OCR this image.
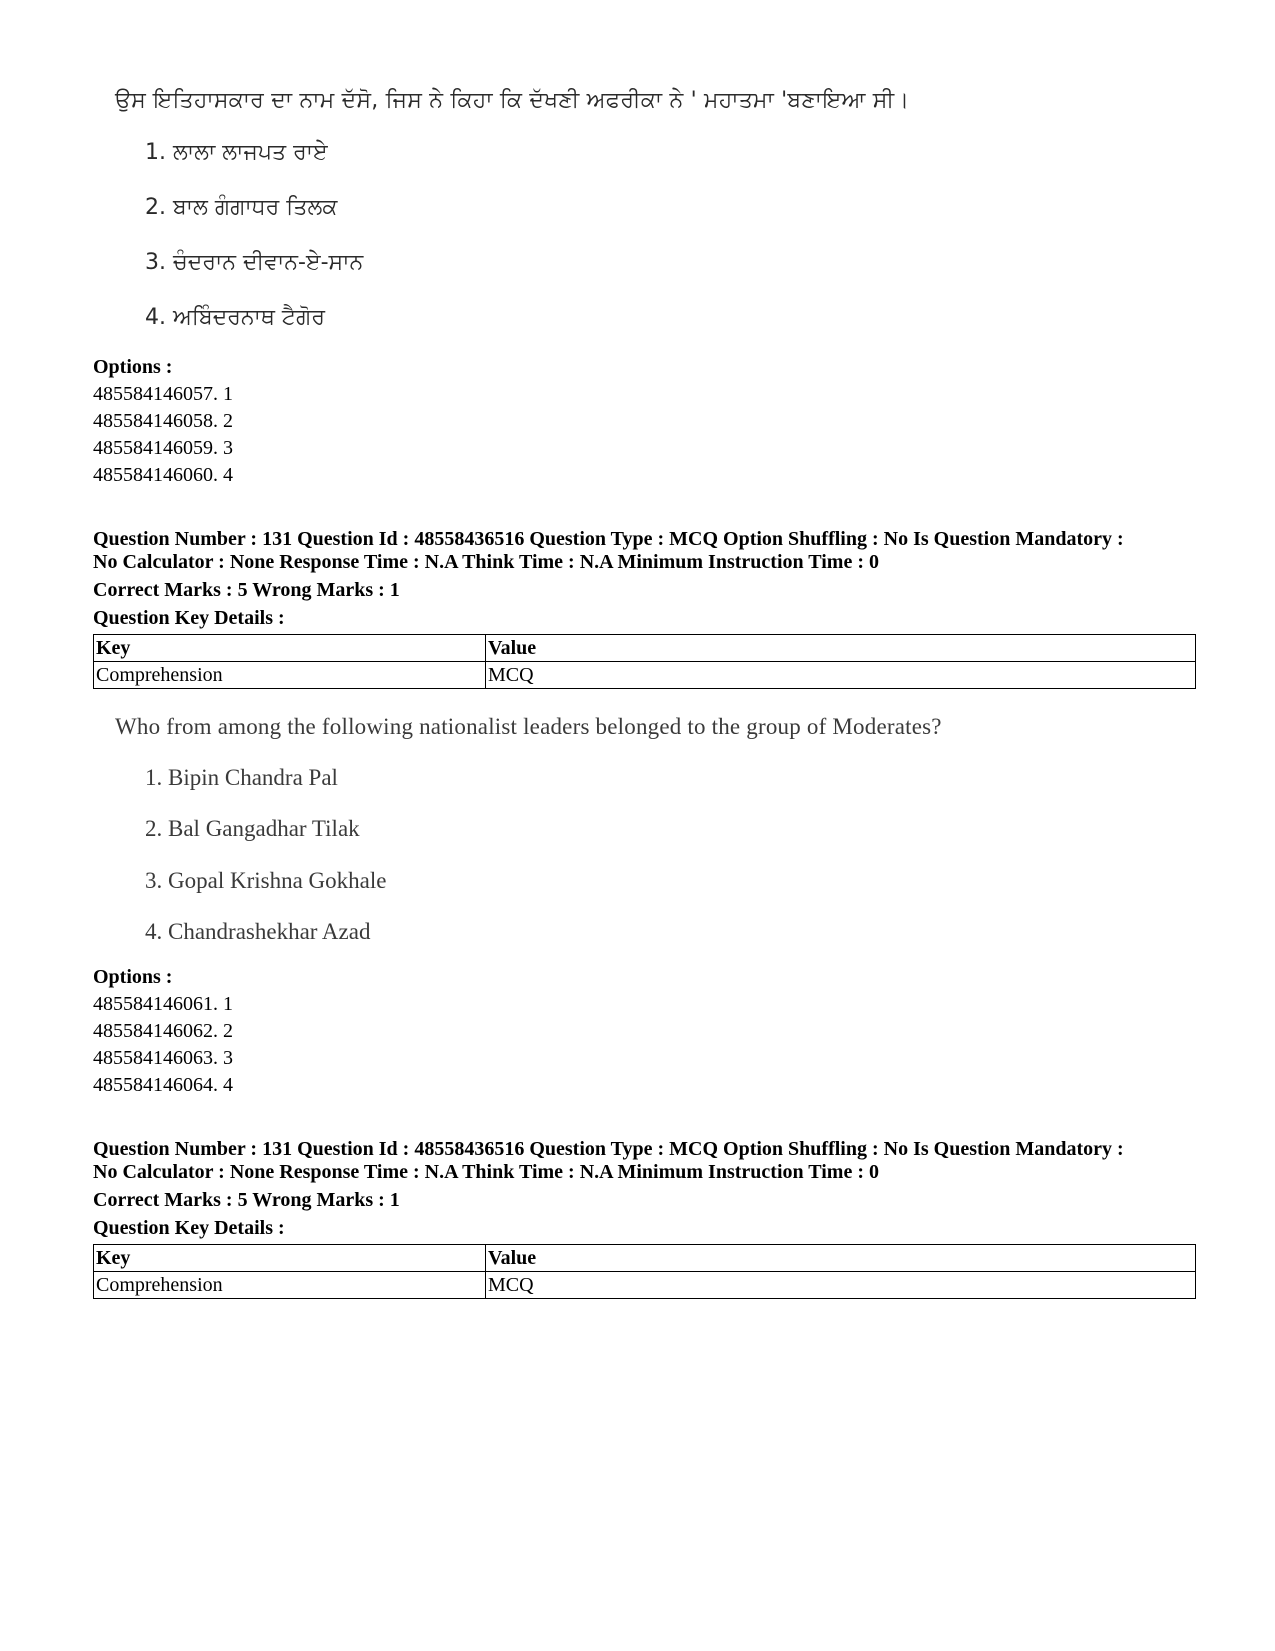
ਉਸ ਇਤਿਹਾਸਕਾਰ ਦਾ ਨਾਮ ਦੱਸੋ, ਜਿਸ ਨੇ ਕਿਹਾ ਕਿ ਦੱਖਣੀ ਅਫਰੀਕਾ ਨੇ ' ਮਹਾਤਮਾ 'ਬਣਾਇਆ ਸੀ।
1. ਲਾਲਾ ਲਾਜਪਤ ਰਾਏ
2. ਬਾਲ ਗੰਗਾਧਰ ਤਿਲਕ
3. ਚੰਦਰਾਨ ਦੀਵਾਨ-ਏ-ਸਾਨ
4. ਅਬਿੰਦਰਨਾਥ ਟੈਗੋਰ
Options :
485584146057. 1
485584146058. 2
485584146059. 3
485584146060. 4
Question Number : 131 Question Id : 48558436516 Question Type : MCQ Option Shuffling : No Is Question Mandatory :
No Calculator : None Response Time : N.A Think Time : N.A Minimum Instruction Time : 0
Correct Marks : 5 Wrong Marks : 1
Question Key Details :
Key	Value
Comprehension	MCQ
Who from among the following nationalist leaders belonged to the group of Moderates?
1. Bipin Chandra Pal
2. Bal Gangadhar Tilak
3. Gopal Krishna Gokhale
4. Chandrashekhar Azad
Options :
485584146061. 1
485584146062. 2
485584146063. 3
485584146064. 4
Question Number : 131 Question Id : 48558436516 Question Type : MCQ Option Shuffling : No Is Question Mandatory :
No Calculator : None Response Time : N.A Think Time : N.A Minimum Instruction Time : 0
Correct Marks : 5 Wrong Marks : 1
Question Key Details :
Key	Value
Comprehension	MCQ
